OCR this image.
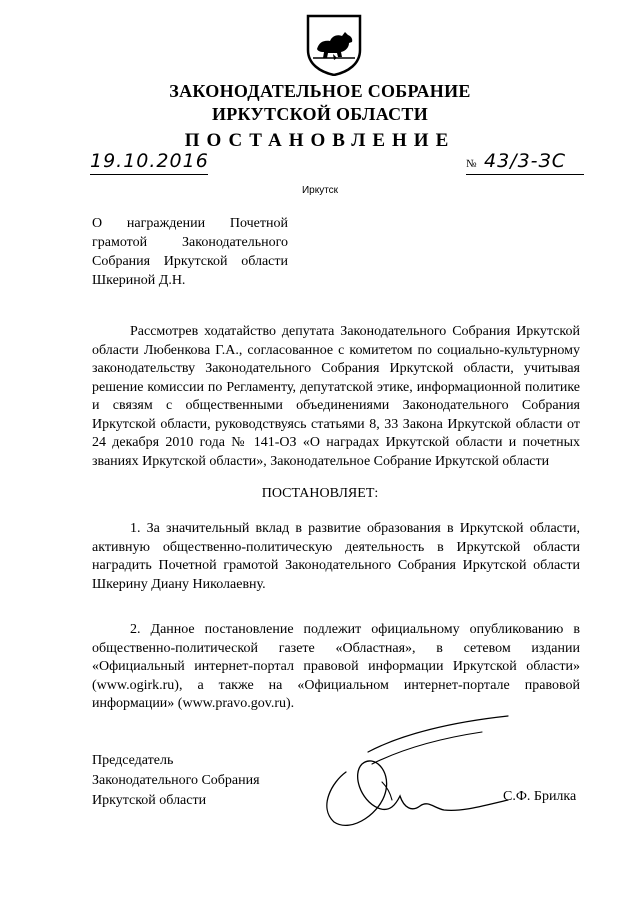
ЗАКОНОДАТЕЛЬНОЕ СОБРАНИЕ
ИРКУТСКОЙ ОБЛАСТИ
ПОСТАНОВЛЕНИЕ
19.10.2016	№ 43/3-ЗС
Иркутск
О награждении Почетной грамотой Законодательного Собрания Иркутской области Шкериной Д.Н.

Рассмотрев ходатайство депутата Законодательного Собрания Иркутской области Любенкова Г.А., согласованное с комитетом по социально-культурному законодательству Законодательного Собрания Иркутской области, учитывая решение комиссии по Регламенту, депутатской этике, информационной политике и связям с общественными объединениями Законодательного Собрания Иркутской области, руководствуясь статьями 8, 33 Закона Иркутской области от 24 декабря 2010 года № 141-ОЗ «О наградах Иркутской области и почетных званиях Иркутской области», Законодательное Собрание Иркутской области

ПОСТАНОВЛЯЕТ:

1. За значительный вклад в развитие образования в Иркутской области, активную общественно-политическую деятельность в Иркутской области наградить Почетной грамотой Законодательного Собрания Иркутской области Шкерину Диану Николаевну.

2. Данное постановление подлежит официальному опубликованию в общественно-политической газете «Областная», в сетевом издании «Официальный интернет-портал правовой информации Иркутской области» (www.ogirk.ru), а также на «Официальном интернет-портале правовой информации» (www.pravo.gov.ru).

Председатель
Законодательного Собрания
Иркутской области	С.Ф. Брилка
